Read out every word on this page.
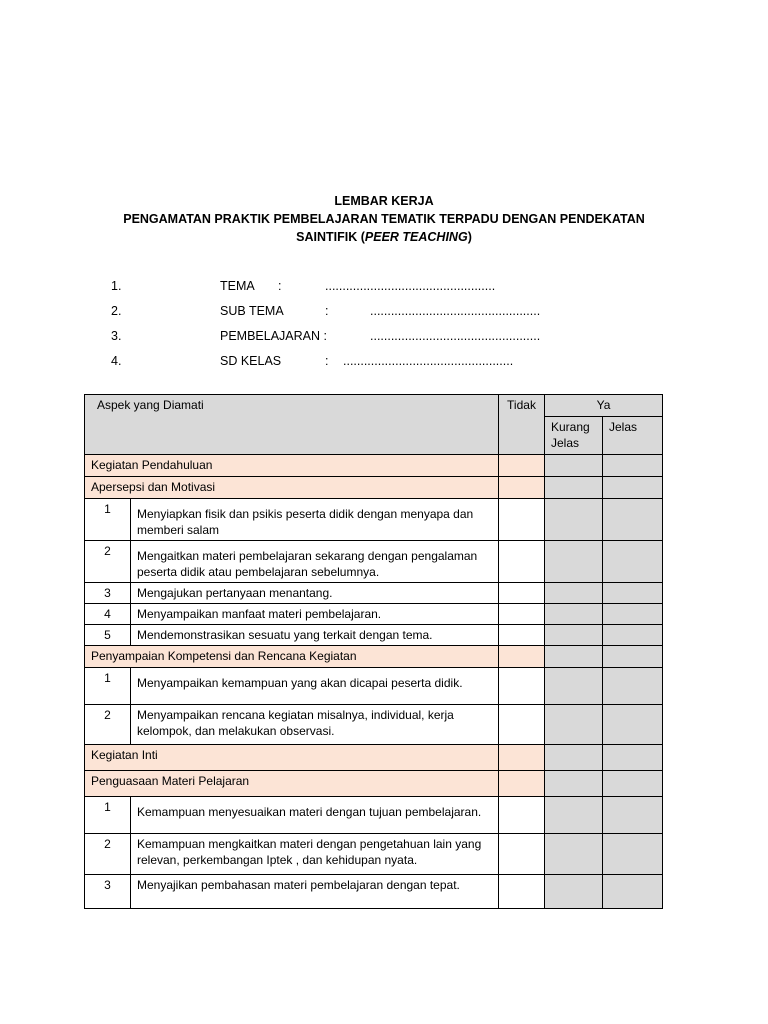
LEMBAR KERJA
PENGAMATAN PRAKTIK PEMBELAJARAN TEMATIK TERPADU DENGAN PENDEKATAN
SAINTIFIK (PEER TEACHING)
1.	TEMA :	.................................................
2.	SUB TEMA	:	.................................................
3.	PEMBELAJARAN :	.................................................
4.	SD KELAS	: .................................................
Aspek yang Diamati		Tidak	Ya	
			Kurang Jelas	Jelas
Kegiatan Pendahuluan				
Apersepsi dan Motivasi				
1	Menyiapkan fisik dan psikis peserta didik dengan menyapa dan memberi salam			
2	Mengaitkan materi pembelajaran sekarang dengan pengalaman peserta didik atau pembelajaran sebelumnya.			
3	Mengajukan pertanyaan menantang.			
4	Menyampaikan manfaat materi pembelajaran.			
5	Mendemonstrasikan sesuatu yang terkait dengan tema.			
Penyampaian Kompetensi dan Rencana Kegiatan				
1	Menyampaikan kemampuan yang akan dicapai peserta didik.			
2	Menyampaikan rencana kegiatan misalnya, individual, kerja kelompok, dan melakukan observasi.			
Kegiatan Inti				
Penguasaan Materi Pelajaran				
1	Kemampuan menyesuaikan materi dengan tujuan pembelajaran.			
2	Kemampuan mengkaitkan materi dengan pengetahuan lain yang relevan, perkembangan Iptek , dan kehidupan nyata.			
3	Menyajikan pembahasan materi pembelajaran dengan tepat.			
